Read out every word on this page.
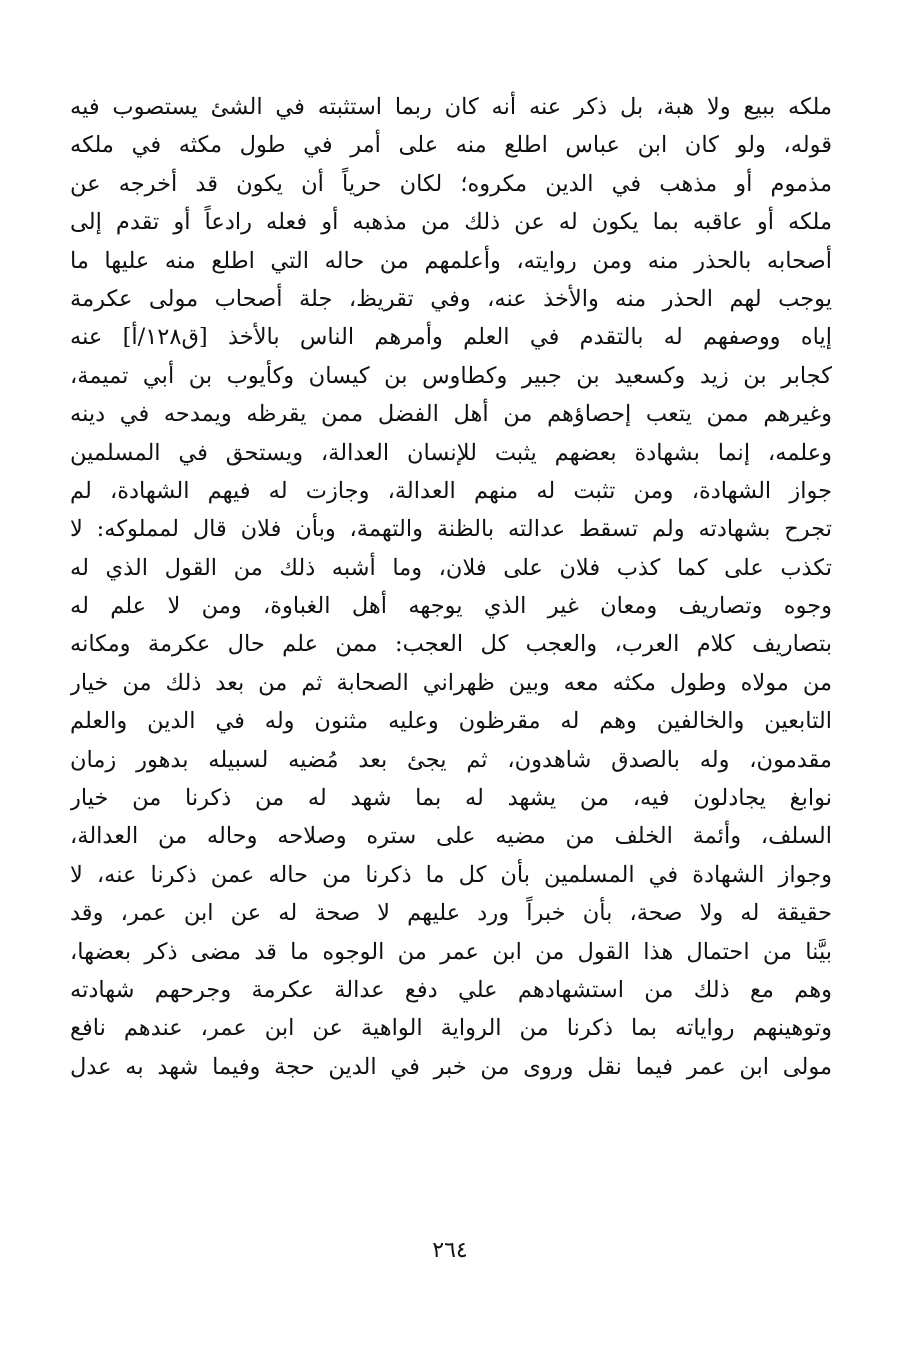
ملكه ببيع ولا هبة، بل ذكر عنه أنه كان ربما استثبته في الشئ يستصوب فيه
قوله، ولو كان ابن عباس اطلع منه على أمر في طول مكثه في ملكه
مذموم أو مذهب في الدين مكروه؛ لكان حرياً أن يكون قد أخرجه عن
ملكه أو عاقبه بما يكون له عن ذلك من مذهبه أو فعله رادعاً أو تقدم إلى
أصحابه بالحذر منه ومن روايته، وأعلمهم من حاله التي اطلع منه عليها ما
يوجب لهم الحذر منه والأخذ عنه، وفي تقريظ، جلة أصحاب مولى عكرمة
إياه ووصفهم له بالتقدم في العلم وأمرهم الناس بالأخذ [ق١٢٨/أ] عنه
كجابر بن زيد وكسعيد بن جبير وكطاوس بن كيسان وكأيوب بن أبي تميمة،
وغيرهم ممن يتعب إحصاؤهم من أهل الفضل ممن يقرظه ويمدحه في دينه
وعلمه، إنما بشهادة بعضهم يثبت للإنسان العدالة، ويستحق في المسلمين
جواز الشهادة، ومن تثبت له منهم العدالة، وجازت له فيهم الشهادة، لم
تجرح بشهادته ولم تسقط عدالته بالظنة والتهمة، وبأن فلان قال لمملوكه: لا
تكذب على كما كذب فلان على فلان، وما أشبه ذلك من القول الذي له
وجوه وتصاريف ومعان غير الذي يوجهه أهل الغباوة، ومن لا علم له
بتصاريف كلام العرب، والعجب كل العجب: ممن علم حال عكرمة ومكانه
من مولاه وطول مكثه معه وبين ظهراني الصحابة ثم من بعد ذلك من خيار
التابعين والخالفين وهم له مقرظون وعليه مثنون وله في الدين والعلم
مقدمون، وله بالصدق شاهدون، ثم يجئ بعد مُضيه لسبيله بدهور زمان
نوابغ يجادلون فيه، من يشهد له بما شهد له من ذكرنا من خيار
السلف، وأئمة الخلف من مضيه على ستره وصلاحه وحاله من العدالة،
وجواز الشهادة في المسلمين بأن كل ما ذكرنا من حاله عمن ذكرنا عنه، لا
حقيقة له ولا صحة، بأن خبراً ورد عليهم لا صحة له عن ابن عمر، وقد
بيَّنا من احتمال هذا القول من ابن عمر من الوجوه ما قد مضى ذكر بعضها،
وهم مع ذلك من استشهادهم علي دفع عدالة عكرمة وجرحهم شهادته
وتوهينهم رواياته بما ذكرنا من الرواية الواهية عن ابن عمر، عندهم نافع
مولى ابن عمر فيما نقل وروى من خبر في الدين حجة وفيما شهد به عدل
٢٦٤
